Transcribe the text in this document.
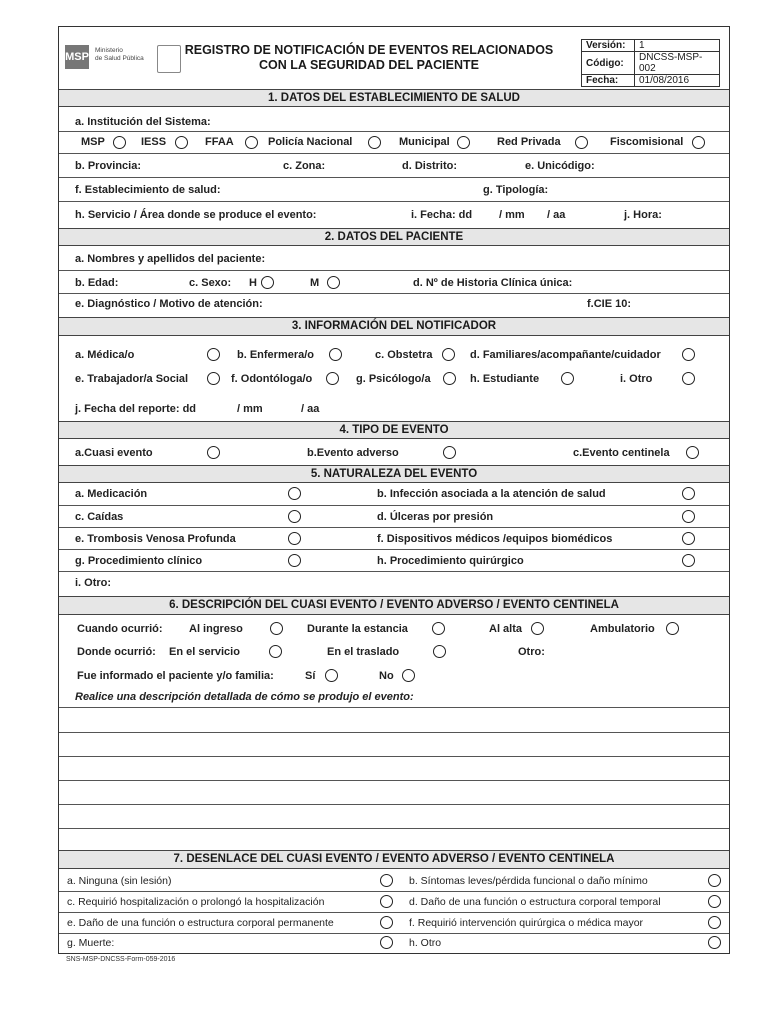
MSP
Ministerio
de Salud Pública
REGISTRO DE NOTIFICACIÓN DE EVENTOS RELACIONADOS
CON LA SEGURIDAD DEL PACIENTE
Versión:	1
Código:	DNCSS-MSP-002
Fecha:	01/08/2016
1. DATOS DEL ESTABLECIMIENTO DE SALUD
a. Institución del Sistema:
MSP	IESS	FFAA	Policía Nacional	Municipal	Red Privada	Fiscomisional
b. Provincia:	c. Zona:	d. Distrito:	e. Unicódigo:
f. Establecimiento de salud:	g. Tipología:
h. Servicio / Área donde se produce el evento:	i. Fecha: dd / mm / aa	j. Hora:
2. DATOS DEL PACIENTE
a. Nombres y apellidos del paciente:
b. Edad:	c. Sexo: H	M	d. Nº de Historia Clínica única:
e. Diagnóstico / Motivo de atención:	f.CIE 10:
3. INFORMACIÓN DEL NOTIFICADOR
a. Médica/o	b. Enfermera/o	c. Obstetra	d. Familiares/acompañante/cuidador
e. Trabajador/a Social	f. Odontóloga/o	g. Psicólogo/a	h. Estudiante	i. Otro
j. Fecha del reporte: dd	/ mm	/ aa
4. TIPO DE EVENTO
a.Cuasi evento	b.Evento adverso	c.Evento centinela
5. NATURALEZA DEL EVENTO
a. Medicación	b. Infección asociada a la atención de salud
c. Caídas	d. Úlceras por presión
e. Trombosis Venosa Profunda	f. Dispositivos médicos /equipos biomédicos
g. Procedimiento clínico	h. Procedimiento quirúrgico
i. Otro:
6. DESCRIPCIÓN DEL CUASI EVENTO / EVENTO ADVERSO / EVENTO CENTINELA
Cuando ocurrió: Al ingreso	Durante la estancia	Al alta	Ambulatorio
Donde ocurrió: En el servicio	En el traslado	Otro:
Fue informado el paciente y/o familia:	Sí	No
Realice una descripción detallada de cómo se produjo el evento:
7. DESENLACE DEL CUASI EVENTO / EVENTO ADVERSO / EVENTO CENTINELA
a. Ninguna (sin lesión)	b. Síntomas leves/pérdida funcional o daño mínimo
c. Requirió hospitalización o prolongó la hospitalización	d. Daño de una función o estructura corporal temporal
e. Daño de una función o estructura corporal permanente	f. Requirió intervención quirúrgica o médica mayor
g. Muerte:	h. Otro
SNS-MSP-DNCSS-Form-059-2016
